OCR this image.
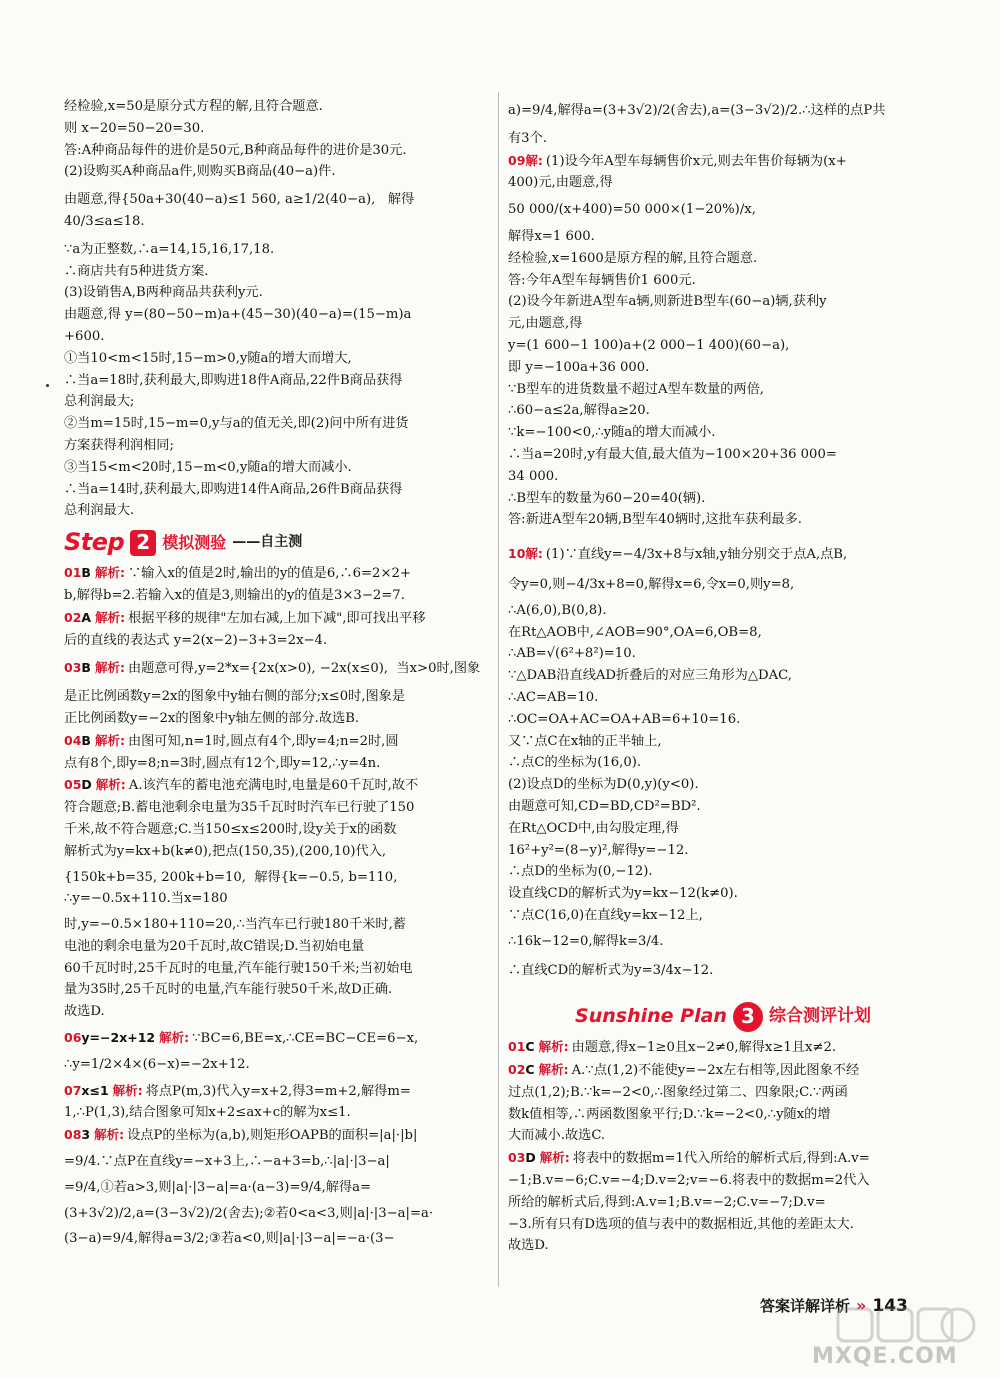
经检验,x=50是原分式方程的解,且符合题意.
则 x−20=50−20=30.
答:A种商品每件的进价是50元,B种商品每件的进价是30元.
(2)设购买A种商品a件,则购买B商品(40−a)件.
由题意,得{50a+30(40−a)≤1 560, a≥1/2(40−a),   解得 40/3≤a≤18.
∵a为正整数,∴a=14,15,16,17,18.
∴商店共有5种进货方案.
(3)设销售A,B两种商品共获利y元.
由题意,得 y=(80−50−m)a+(45−30)(40−a)=(15−m)a
+600.
①当10<m<15时,15−m>0,y随a的增大而增大,
∴当a=18时,获利最大,即购进18件A商品,22件B商品获得
总利润最大;
②当m=15时,15−m=0,y与a的值无关,即(2)问中所有进货
方案获得利润相同;
③当15<m<20时,15−m<0,y随a的增大而减小.
∴当a=14时,获利最大,即购进14件A商品,26件B商品获得
总利润最大.
Step 2 模拟测验 ——自主测
01B 解析: ∵输入x的值是2时,输出的y的值是6,∴6=2×2+
b,解得b=2.若输入x的值是3,则输出的y的值是3×3−2=7.
02A 解析: 根据平移的规律"左加右减,上加下减",即可找出平移
后的直线的表达式 y=2(x−2)−3+3=2x−4.
03B 解析: 由题意可得,y=2*x={2x(x>0), −2x(x≤0),  当x>0时,图象
是正比例函数y=2x的图象中y轴右侧的部分;x≤0时,图象是
正比例函数y=−2x的图象中y轴左侧的部分.故选B.
04B 解析: 由图可知,n=1时,圆点有4个,即y=4;n=2时,圆
点有8个,即y=8;n=3时,圆点有12个,即y=12,∴y=4n.
05D 解析: A.该汽车的蓄电池充满电时,电量是60千瓦时,故不
符合题意;B.蓄电池剩余电量为35千瓦时时汽车已行驶了150
千米,故不符合题意;C.当150≤x≤200时,设y关于x的函数
解析式为y=kx+b(k≠0),把点(150,35),(200,10)代入,
{150k+b=35, 200k+b=10,  解得{k=−0.5, b=110,  ∴y=−0.5x+110.当x=180
时,y=−0.5×180+110=20,∴当汽车已行驶180千米时,蓄
电池的剩余电量为20千瓦时,故C错误;D.当初始电量
60千瓦时时,25千瓦时的电量,汽车能行驶150千米;当初始电
量为35时,25千瓦时的电量,汽车能行驶50千米,故D正确.
故选D.
06y=−2x+12 解析: ∵BC=6,BE=x,∴CE=BC−CE=6−x,
∴y=1/2×4×(6−x)=−2x+12.
07x≤1 解析: 将点P(m,3)代入y=x+2,得3=m+2,解得m=
1,∴P(1,3),结合图象可知x+2≤ax+c的解为x≤1.
083 解析: 设点P的坐标为(a,b),则矩形OAPB的面积=|a|·|b|
=9/4.∵点P在直线y=−x+3上,∴−a+3=b,∴|a|·|3−a|
=9/4,①若a>3,则|a|·|3−a|=a·(a−3)=9/4,解得a=
(3+3√2)/2,a=(3−3√2)/2(舍去);②若0<a<3,则|a|·|3−a|=a·
(3−a)=9/4,解得a=3/2;③若a<0,则|a|·|3−a|=−a·(3−
a)=9/4,解得a=(3+3√2)/2(舍去),a=(3−3√2)/2.∴这样的点P共
有3个.
09解: (1)设今年A型车每辆售价x元,则去年售价每辆为(x+
400)元,由题意,得
50 000/(x+400)=50 000×(1−20%)/x,
解得x=1 600.
经检验,x=1600是原方程的解,且符合题意.
答:今年A型车每辆售价1 600元.
(2)设今年新进A型车a辆,则新进B型车(60−a)辆,获利y
元,由题意,得
y=(1 600−1 100)a+(2 000−1 400)(60−a),
即 y=−100a+36 000.
∵B型车的进货数量不超过A型车数量的两倍,
∴60−a≤2a,解得a≥20.
∵k=−100<0,∴y随a的增大而减小.
∴当a=20时,y有最大值,最大值为−100×20+36 000=
34 000.
∴B型车的数量为60−20=40(辆).
答:新进A型车20辆,B型车40辆时,这批车获利最多.
10解: (1)∵直线y=−4/3x+8与x轴,y轴分别交于点A,点B,
令y=0,则−4/3x+8=0,解得x=6,令x=0,则y=8,
∴A(6,0),B(0,8).
在Rt△AOB中,∠AOB=90°,OA=6,OB=8,
∴AB=√(6²+8²)=10.
∵△DAB沿直线AD折叠后的对应三角形为△DAC,
∴AC=AB=10.
∴OC=OA+AC=OA+AB=6+10=16.
又∵点C在x轴的正半轴上,
∴点C的坐标为(16,0).
(2)设点D的坐标为D(0,y)(y<0).
由题意可知,CD=BD,CD²=BD².
在Rt△OCD中,由勾股定理,得
16²+y²=(8−y)²,解得y=−12.
∴点D的坐标为(0,−12).
设直线CD的解析式为y=kx−12(k≠0).
∵点C(16,0)在直线y=kx−12上,
∴16k−12=0,解得k=3/4.
∴直线CD的解析式为y=3/4x−12.
Sunshine Plan 3 综合测评计划
01C 解析: 由题意,得x−1≥0且x−2≠0,解得x≥1且x≠2.
02C 解析: A.∵点(1,2)不能使y=−2x左右相等,因此图象不经
过点(1,2);B.∵k=−2<0,∴图象经过第二、四象限;C.∵两函
数k值相等,∴两函数图象平行;D.∵k=−2<0,∴y随x的增
大而减小.故选C.
03D 解析: 将表中的数据m=1代入所给的解析式后,得到:A.v=
−1;B.v=−6;C.v=−4;D.v=2;v=−6.将表中的数据m=2代入
所给的解析式后,得到:A.v=1;B.v=−2;C.v=−7;D.v=
−3.所有只有D选项的值与表中的数据相近,其他的差距太大.
故选D.
答案详解详析 » 143
MXQE.COM
